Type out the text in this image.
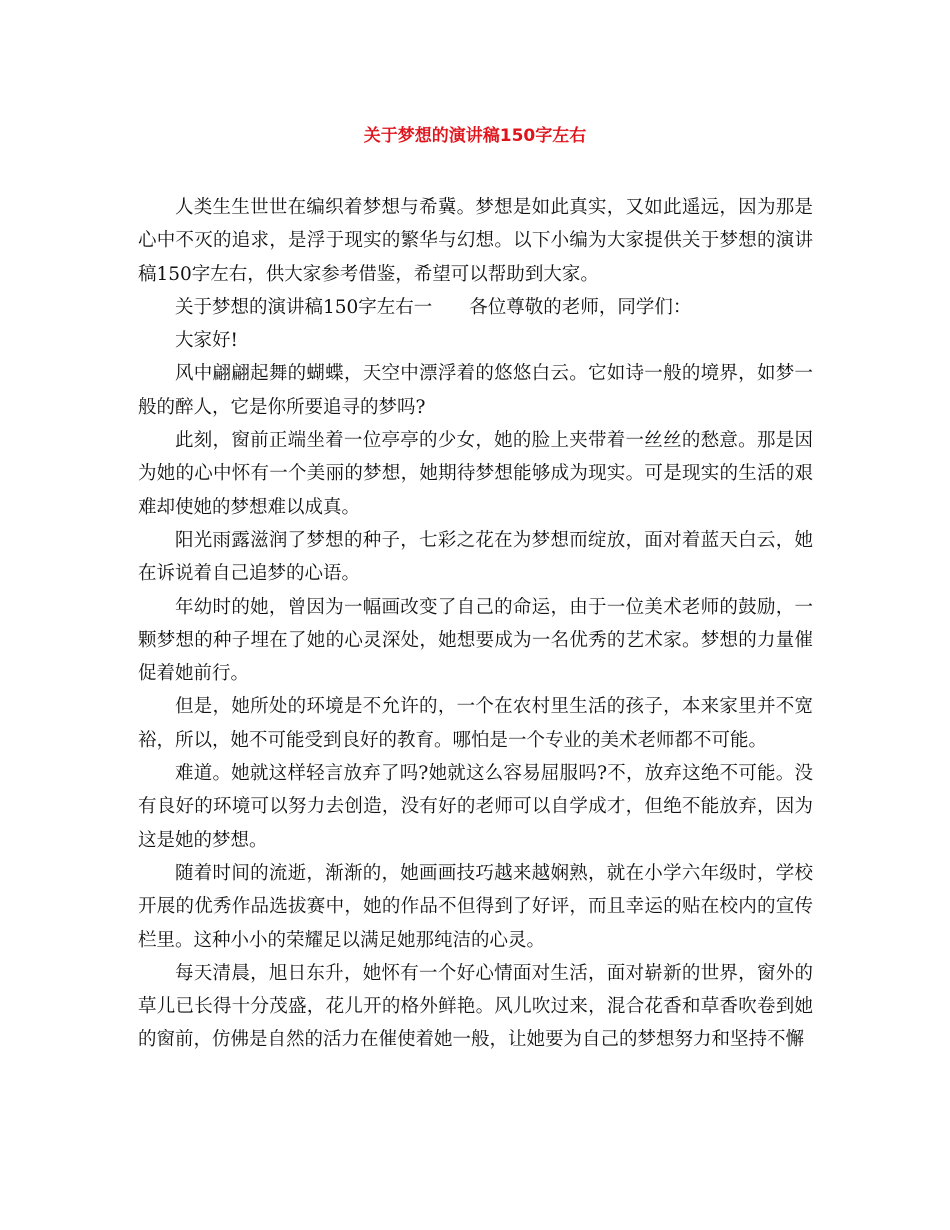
关于梦想的演讲稿150字左右

人类生生世世在编织着梦想与希冀。梦想是如此真实，又如此遥远，因为那是心中不灭的追求，是浮于现实的繁华与幻想。以下小编为大家提供关于梦想的演讲稿150字左右，供大家参考借鉴，希望可以帮助到大家。

关于梦想的演讲稿150字左右一　　各位尊敬的老师，同学们：

大家好!

风中翩翩起舞的蝴蝶，天空中漂浮着的悠悠白云。它如诗一般的境界，如梦一般的醉人，它是你所要追寻的梦吗?

此刻，窗前正端坐着一位亭亭的少女，她的脸上夹带着一丝丝的愁意。那是因为她的心中怀有一个美丽的梦想，她期待梦想能够成为现实。可是现实的生活的艰难却使她的梦想难以成真。

阳光雨露滋润了梦想的种子，七彩之花在为梦想而绽放，面对着蓝天白云，她在诉说着自己追梦的心语。

年幼时的她，曾因为一幅画改变了自己的命运，由于一位美术老师的鼓励，一颗梦想的种子埋在了她的心灵深处，她想要成为一名优秀的艺术家。梦想的力量催促着她前行。

但是，她所处的环境是不允许的，一个在农村里生活的孩子，本来家里并不宽裕，所以，她不可能受到良好的教育。哪怕是一个专业的美术老师都不可能。

难道。她就这样轻言放弃了吗?她就这么容易屈服吗?不，放弃这绝不可能。没有良好的环境可以努力去创造，没有好的老师可以自学成才，但绝不能放弃，因为这是她的梦想。

随着时间的流逝，渐渐的，她画画技巧越来越娴熟，就在小学六年级时，学校开展的优秀作品选拔赛中，她的作品不但得到了好评，而且幸运的贴在校内的宣传栏里。这种小小的荣耀足以满足她那纯洁的心灵。

每天清晨，旭日东升，她怀有一个好心情面对生活，面对崭新的世界，窗外的草儿已长得十分茂盛，花儿开的格外鲜艳。风儿吹过来，混合花香和草香吹卷到她的窗前，仿佛是自然的活力在催使着她一般，让她要为自己的梦想努力和坚持不懈
